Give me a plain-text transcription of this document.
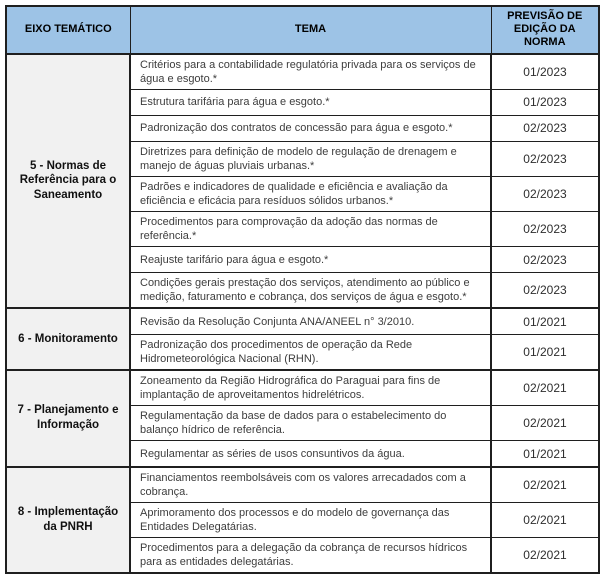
EIXO TEMÁTICO	TEMA	PREVISÃO DE EDIÇÃO DA NORMA
5 - Normas de Referência para o Saneamento	Critérios para a contabilidade regulatória privada para os serviços de água e esgoto.*	01/2023
	Estrutura tarifária para água e esgoto.*	01/2023
	Padronização dos contratos de concessão para água e esgoto.*	02/2023
	Diretrizes para definição de modelo de regulação de drenagem e manejo de águas pluviais urbanas.*	02/2023
	Padrões e indicadores de qualidade e eficiência e avaliação da eficiência e eficácia para resíduos sólidos urbanos.*	02/2023
	Procedimentos para comprovação da adoção das normas de referência.*	02/2023
	Reajuste tarifário para água e esgoto.*	02/2023
	Condições gerais prestação dos serviços, atendimento ao público e medição, faturamento e cobrança, dos serviços de água e esgoto.*	02/2023
6 - Monitoramento	Revisão da Resolução Conjunta ANA/ANEEL n° 3/2010.	01/2021
	Padronização dos procedimentos de operação da Rede Hidrometeorológica Nacional (RHN).	01/2021
7 - Planejamento e Informação	Zoneamento da Região Hidrográfica do Paraguai para fins de implantação de aproveitamentos hidrelétricos.	02/2021
	Regulamentação da base de dados para o estabelecimento do balanço hídrico de referência.	02/2021
	Regulamentar as séries de usos consuntivos da água.	01/2021
8 - Implementação da PNRH	Financiamentos reembolsáveis com os valores arrecadados com a cobrança.	02/2021
	Aprimoramento dos processos e do modelo de governança das Entidades Delegatárias.	02/2021
	Procedimentos para a delegação da cobrança de recursos hídricos para as entidades delegatárias.	02/2021
